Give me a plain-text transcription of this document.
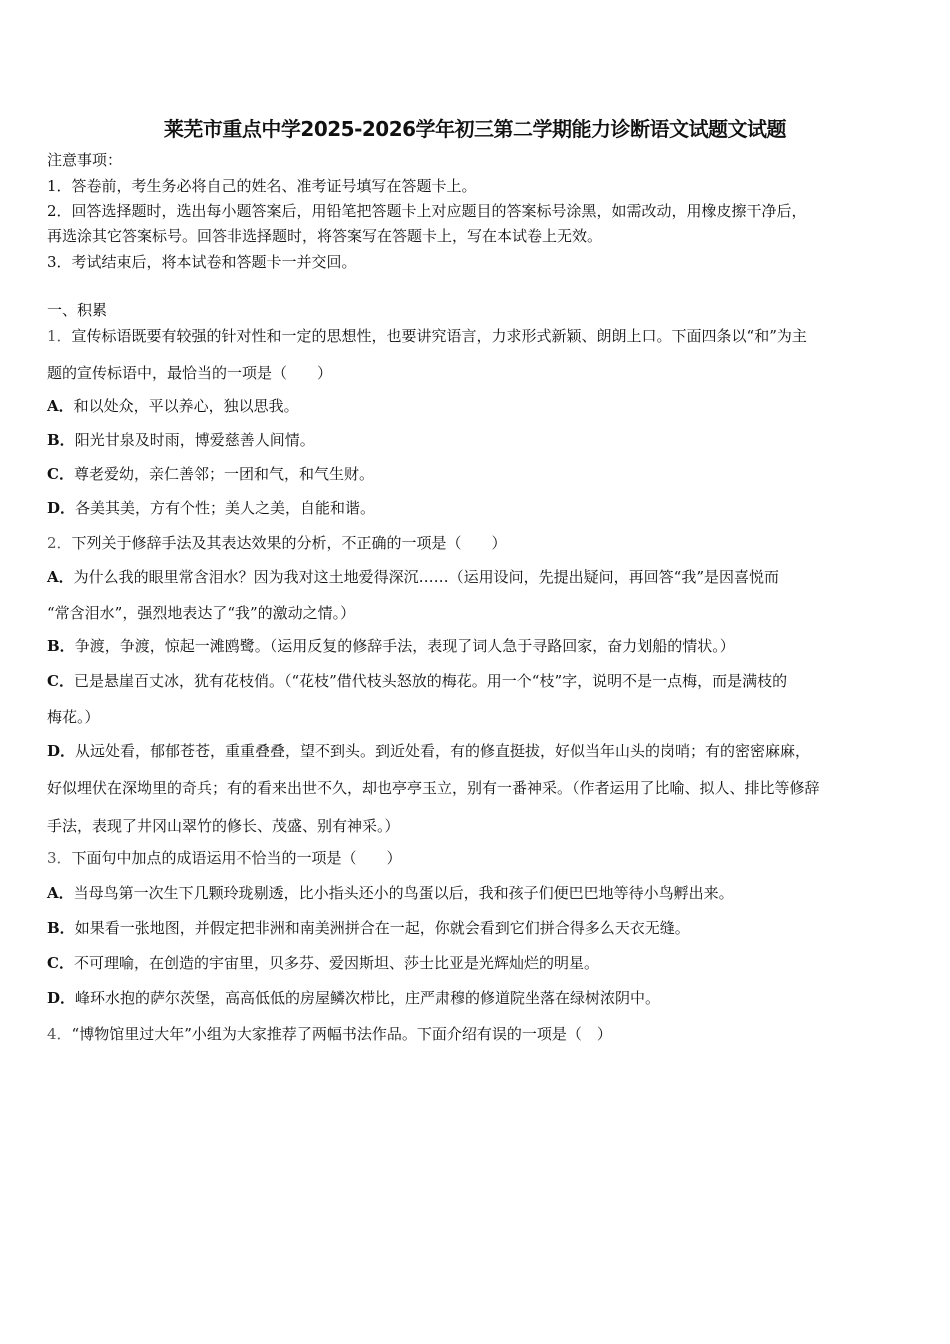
莱芜市重点中学2025-2026学年初三第二学期能力诊断语文试题文试题
注意事项：
1．答卷前，考生务必将自己的姓名、准考证号填写在答题卡上。
2．回答选择题时，选出每小题答案后，用铅笔把答题卡上对应题目的答案标号涂黑，如需改动，用橡皮擦干净后，
再选涂其它答案标号。回答非选择题时，将答案写在答题卡上，写在本试卷上无效。
3．考试结束后，将本试卷和答题卡一并交回。
一、积累
1．宣传标语既要有较强的针对性和一定的思想性，也要讲究语言，力求形式新颖、朗朗上口。下面四条以“和”为主
题的宣传标语中，最恰当的一项是（　　）
A．和以处众，平以养心，独以思我。
B．阳光甘泉及时雨，博爱慈善人间情。
C．尊老爱幼，亲仁善邻；一团和气，和气生财。
D．各美其美，方有个性；美人之美，自能和谐。
2．下列关于修辞手法及其表达效果的分析，不正确的一项是（　　）
A．为什么我的眼里常含泪水？因为我对这土地爱得深沉……（运用设问，先提出疑问，再回答“我”是因喜悦而
“常含泪水”，强烈地表达了“我”的激动之情。）
B．争渡，争渡，惊起一滩鸥鹭。（运用反复的修辞手法，表现了词人急于寻路回家，奋力划船的情状。）
C．已是悬崖百丈冰，犹有花枝俏。（“花枝”借代枝头怒放的梅花。用一个“枝”字，说明不是一点梅，而是满枝的
梅花。）
D．从远处看，郁郁苍苍，重重叠叠，望不到头。到近处看，有的修直挺拔，好似当年山头的岗哨；有的密密麻麻，
好似埋伏在深坳里的奇兵；有的看来出世不久，却也亭亭玉立，别有一番神采。（作者运用了比喻、拟人、排比等修辞
手法，表现了井冈山翠竹的修长、茂盛、别有神采。）
3．下面句中加点的成语运用不恰当的一项是（　　）
A．当母鸟第一次生下几颗玲珑剔透，比小指头还小的鸟蛋以后，我和孩子们便巴巴地等待小鸟孵出来。
B．如果看一张地图，并假定把非洲和南美洲拼合在一起，你就会看到它们拼合得多么天衣无缝。
C．不可理喻，在创造的宇宙里，贝多芬、爱因斯坦、莎士比亚是光辉灿烂的明星。
D．峰环水抱的萨尔茨堡，高高低低的房屋鳞次栉比，庄严肃穆的修道院坐落在绿树浓阴中。
4．“博物馆里过大年”小组为大家推荐了两幅书法作品。下面介绍有误的一项是（　）
